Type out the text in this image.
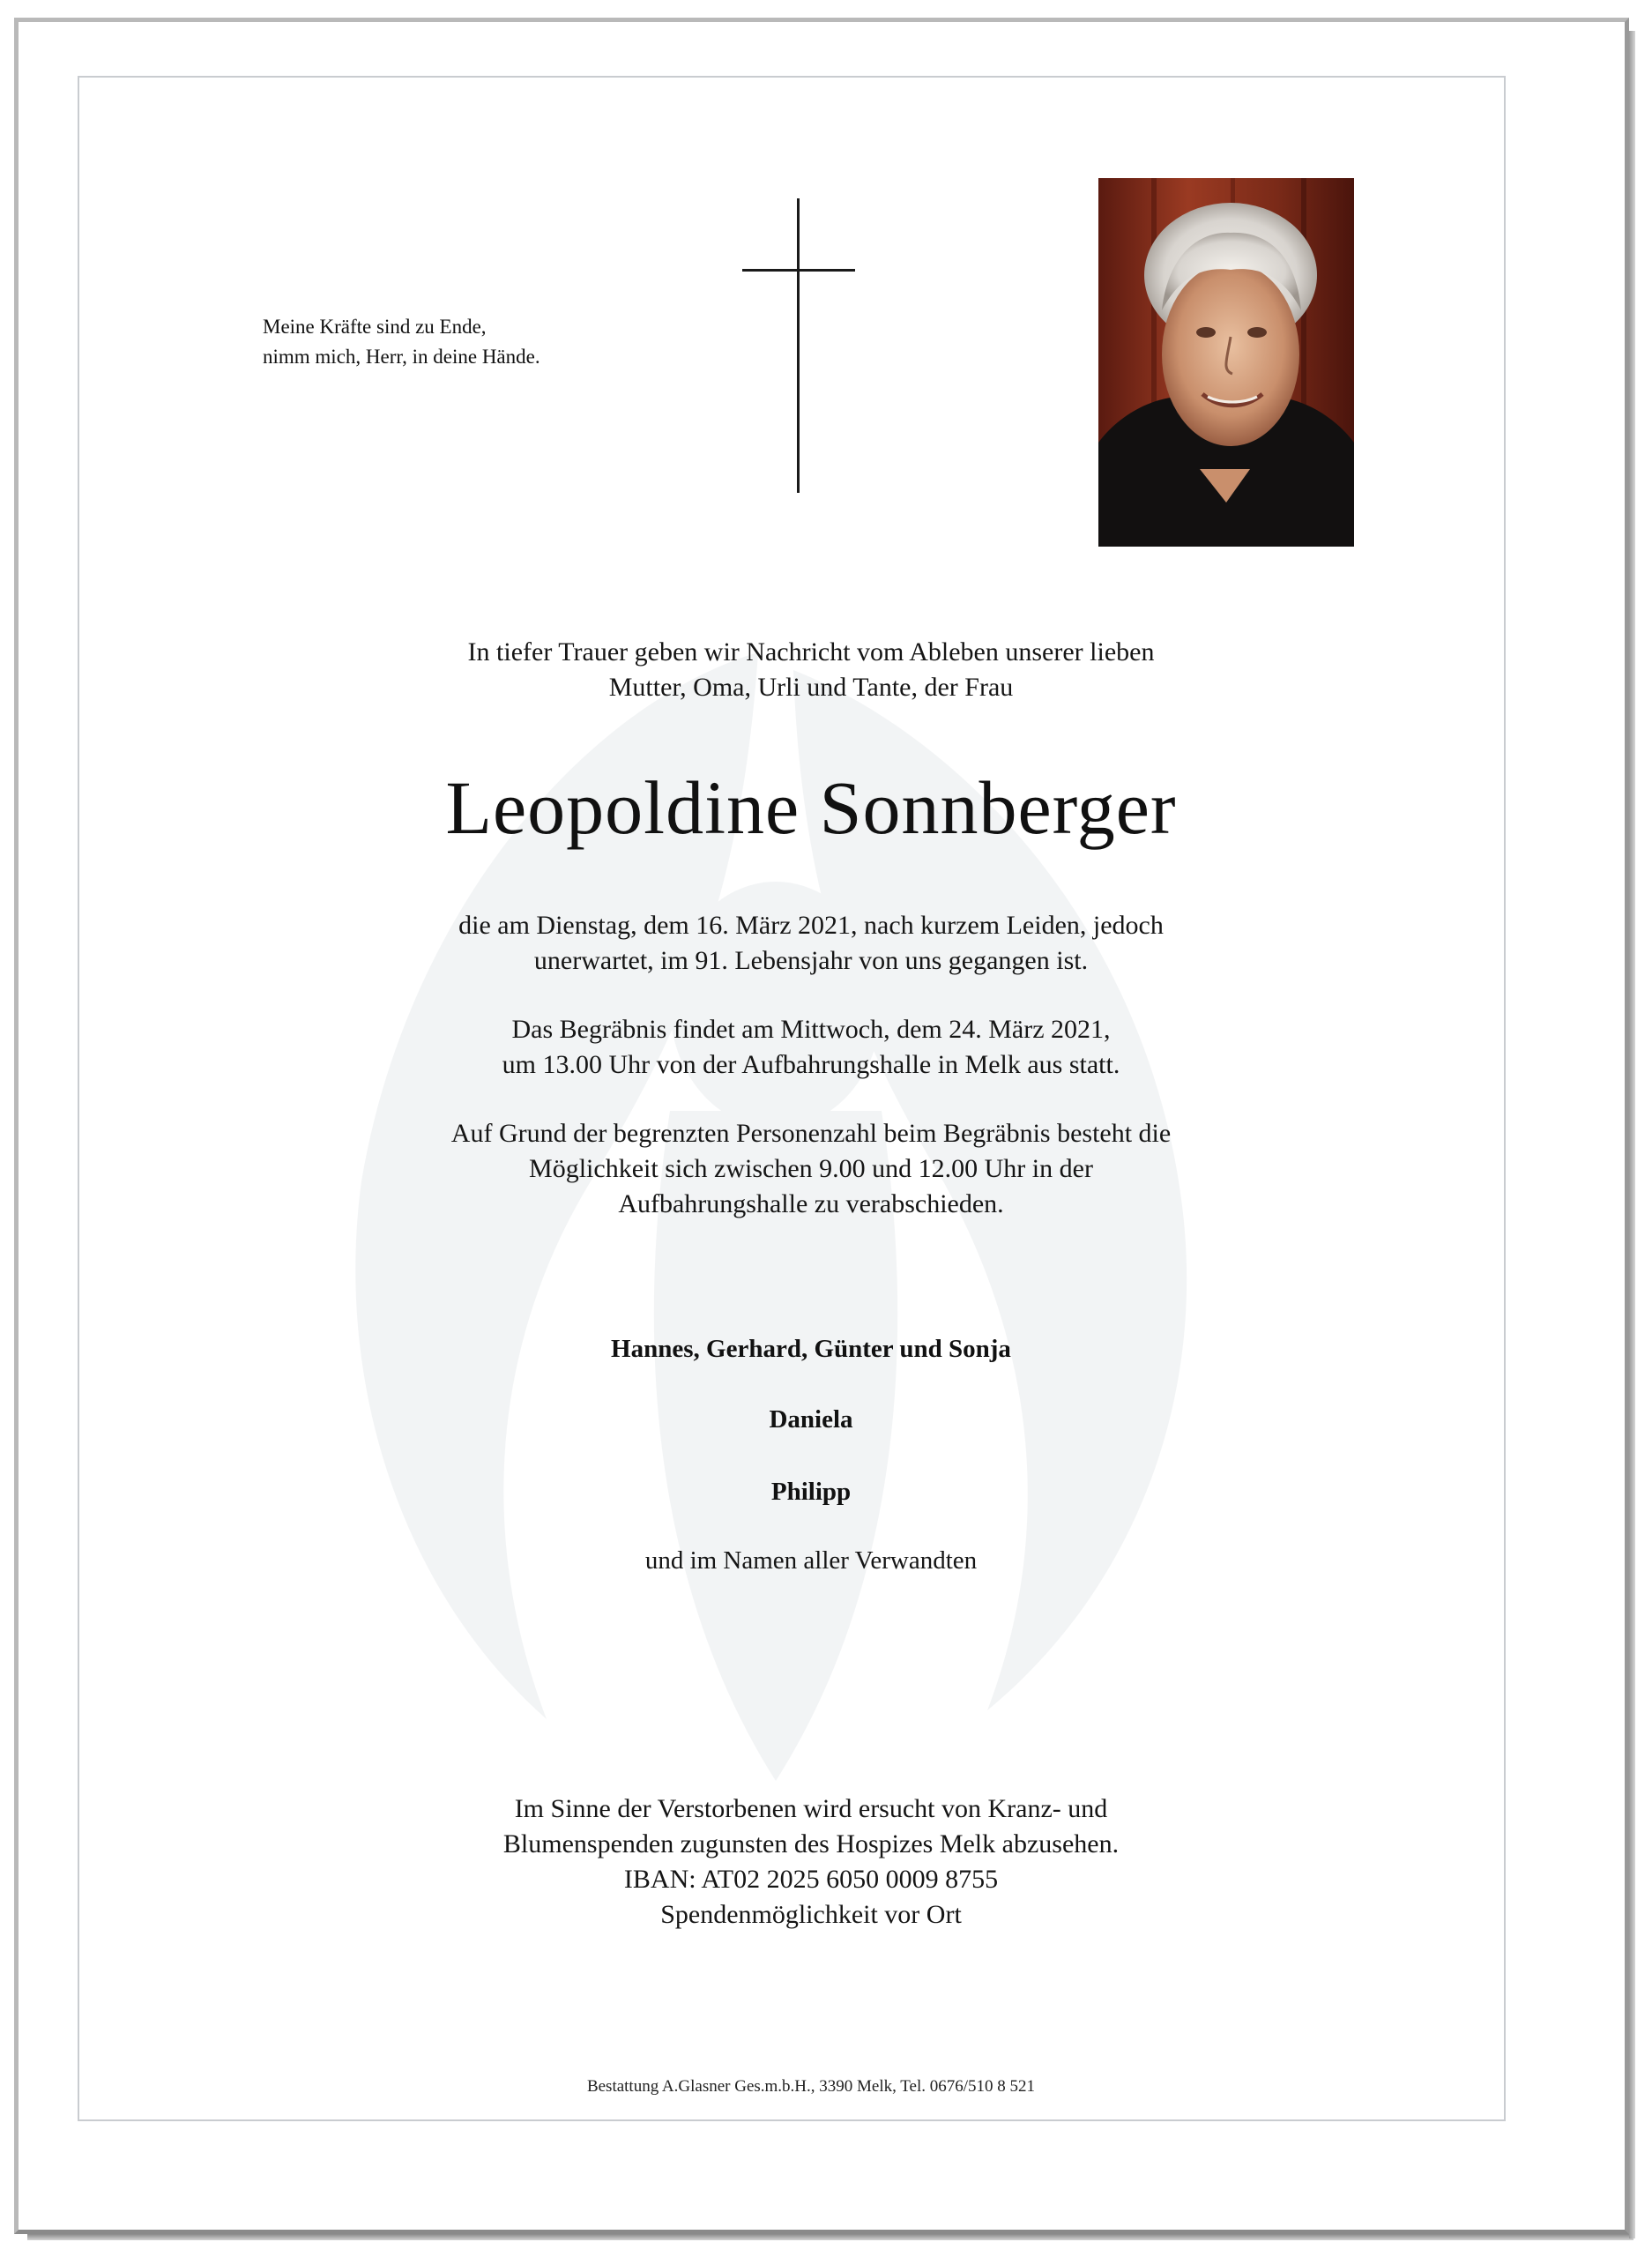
Meine Kräfte sind zu Ende,
nimm mich, Herr, in deine Hände.
In tiefer Trauer geben wir Nachricht vom Ableben unserer lieben
Mutter, Oma, Urli und Tante, der Frau
Leopoldine Sonnberger
die am Dienstag, dem 16. März 2021, nach kurzem Leiden, jedoch
unerwartet, im 91. Lebensjahr von uns gegangen ist.
Das Begräbnis findet am Mittwoch, dem 24. März 2021,
um 13.00 Uhr von der Aufbahrungshalle in Melk aus statt.
Auf Grund der begrenzten Personenzahl beim Begräbnis besteht die
Möglichkeit sich zwischen 9.00 und 12.00 Uhr in der
Aufbahrungshalle zu verabschieden.
Hannes, Gerhard, Günter und Sonja
Daniela
Philipp
und im Namen aller Verwandten
Im Sinne der Verstorbenen wird ersucht von Kranz- und
Blumenspenden zugunsten des Hospizes Melk abzusehen.
IBAN: AT02 2025 6050 0009 8755
Spendenmöglichkeit vor Ort
Bestattung A.Glasner Ges.m.b.H., 3390 Melk, Tel. 0676/510 8 521
